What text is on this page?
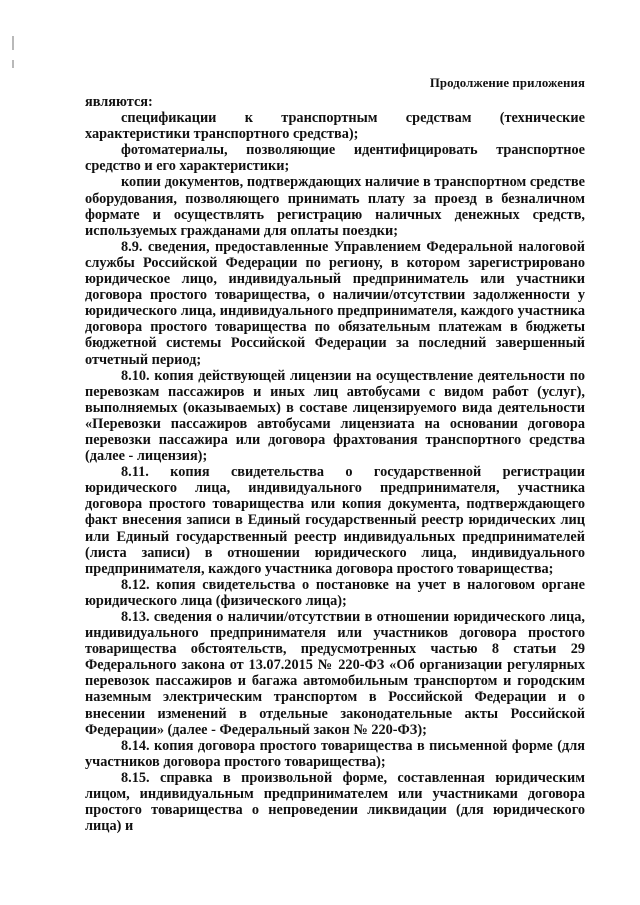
Продолжение приложения

являются:

спецификации к транспортным средствам (технические характеристики транспортного средства);

фотоматериалы, позволяющие идентифицировать транспортное средство и его характеристики;

копии документов, подтверждающих наличие в транспортном средстве оборудования, позволяющего принимать плату за проезд в безналичном формате и осуществлять регистрацию наличных денежных средств, используемых гражданами для оплаты поездки;

8.9. сведения, предоставленные Управлением Федеральной налоговой службы Российской Федерации по региону, в котором зарегистрировано юридическое лицо, индивидуальный предприниматель или участники договора простого товарищества, о наличии/отсутствии задолженности у юридического лица, индивидуального предпринимателя, каждого участника договора простого товарищества по обязательным платежам в бюджеты бюджетной системы Российской Федерации за последний завершенный отчетный период;

8.10. копия действующей лицензии на осуществление деятельности по перевозкам пассажиров и иных лиц автобусами с видом работ (услуг), выполняемых (оказываемых) в составе лицензируемого вида деятельности «Перевозки пассажиров автобусами лицензиата на основании договора перевозки пассажира или договора фрахтования транспортного средства (далее - лицензия);

8.11. копия свидетельства о государственной регистрации юридического лица, индивидуального предпринимателя, участника договора простого товарищества или копия документа, подтверждающего факт внесения записи в Единый государственный реестр юридических лиц или Единый государственный реестр индивидуальных предпринимателей (листа записи) в отношении юридического лица, индивидуального предпринимателя, каждого участника договора простого товарищества;

8.12. копия свидетельства о постановке на учет в налоговом органе юридического лица (физического лица);

8.13. сведения о наличии/отсутствии в отношении юридического лица, индивидуального предпринимателя или участников договора простого товарищества обстоятельств, предусмотренных частью 8 статьи 29 Федерального закона от 13.07.2015 № 220-ФЗ «Об организации регулярных перевозок пассажиров и багажа автомобильным транспортом и городским наземным электрическим транспортом в Российской Федерации и о внесении изменений в отдельные законодательные акты Российской Федерации» (далее - Федеральный закон № 220-ФЗ);

8.14. копия договора простого товарищества в письменной форме (для участников договора простого товарищества);

8.15. справка в произвольной форме, составленная юридическим лицом, индивидуальным предпринимателем или участниками договора простого товарищества о непроведении ликвидации (для юридического лица) и
